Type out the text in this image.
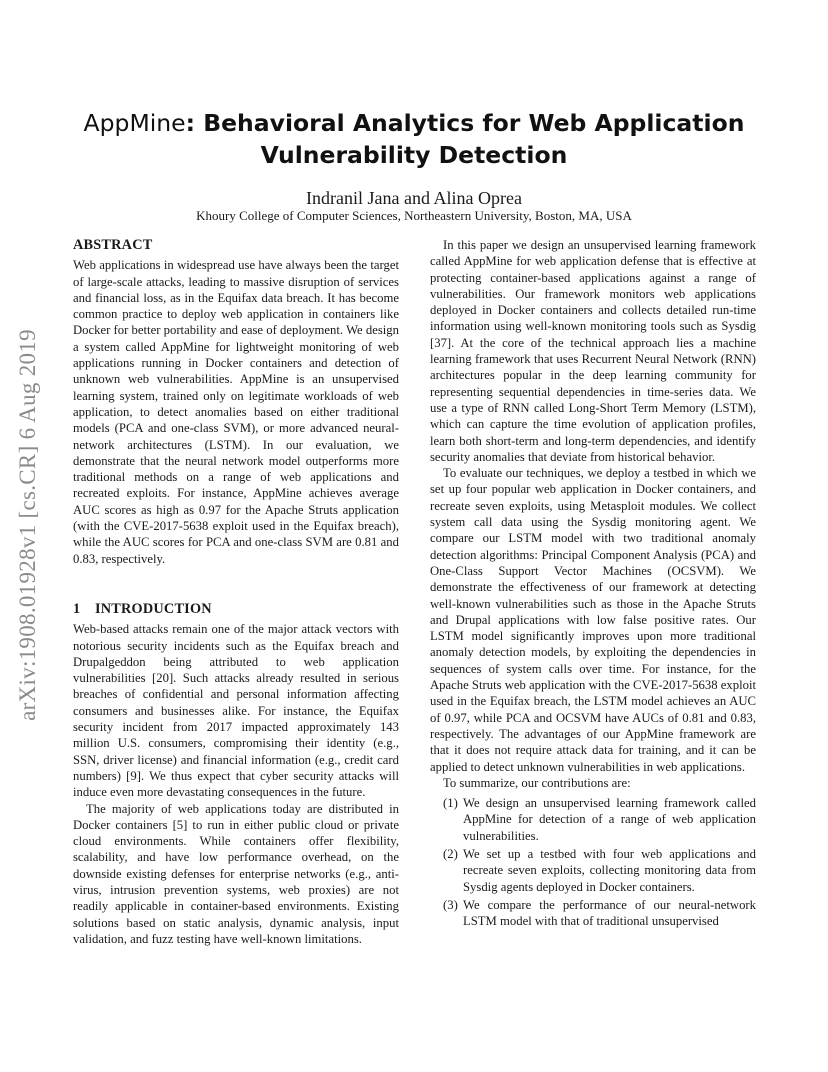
arXiv:1908.01928v1 [cs.CR] 6 Aug 2019
AppMine: Behavioral Analytics for Web Application
Vulnerability Detection
Indranil Jana and Alina Oprea
Khoury College of Computer Sciences, Northeastern University, Boston, MA, USA
ABSTRACT

Web applications in widespread use have always been the target of large-scale attacks, leading to massive disruption of services and financial loss, as in the Equifax data breach. It has become common practice to deploy web application in containers like Docker for better portability and ease of deployment. We design a system called AppMine for lightweight monitoring of web applications running in Docker containers and detection of unknown web vulnerabilities. AppMine is an unsupervised learning system, trained only on legitimate workloads of web application, to detect anomalies based on either traditional models (PCA and one-class SVM), or more advanced neural-network architectures (LSTM). In our evaluation, we demonstrate that the neural network model outperforms more traditional methods on a range of web applications and recreated exploits. For instance, AppMine achieves average AUC scores as high as 0.97 for the Apache Struts application (with the CVE-2017-5638 exploit used in the Equifax breach), while the AUC scores for PCA and one-class SVM are 0.81 and 0.83, respectively.

1 INTRODUCTION

Web-based attacks remain one of the major attack vectors with notorious security incidents such as the Equifax breach and Drupalgeddon being attributed to web application vulnerabilities [20]. Such attacks already resulted in serious breaches of confidential and personal information affecting consumers and businesses alike. For instance, the Equifax security incident from 2017 impacted approximately 143 million U.S. consumers, compromising their identity (e.g., SSN, driver license) and financial information (e.g., credit card numbers) [9]. We thus expect that cyber security attacks will induce even more devastating consequences in the future.

The majority of web applications today are distributed in Docker containers [5] to run in either public cloud or private cloud environments. While containers offer flexibility, scalability, and have low performance overhead, on the downside existing defenses for enterprise networks (e.g., anti-virus, intrusion prevention systems, web proxies) are not readily applicable in container-based environments. Existing solutions based on static analysis, dynamic analysis, input validation, and fuzz testing have well-known limitations.

In this paper we design an unsupervised learning framework called AppMine for web application defense that is effective at protecting container-based applications against a range of vulnerabilities. Our framework monitors web applications deployed in Docker containers and collects detailed run-time information using well-known monitoring tools such as Sysdig [37]. At the core of the technical approach lies a machine learning framework that uses Recurrent Neural Network (RNN) architectures popular in the deep learning community for representing sequential dependencies in time-series data. We use a type of RNN called Long-Short Term Memory (LSTM), which can capture the time evolution of application profiles, learn both short-term and long-term dependencies, and identify security anomalies that deviate from historical behavior.

To evaluate our techniques, we deploy a testbed in which we set up four popular web application in Docker containers, and recreate seven exploits, using Metasploit modules. We collect system call data using the Sysdig monitoring agent. We compare our LSTM model with two traditional anomaly detection algorithms: Principal Component Analysis (PCA) and One-Class Support Vector Machines (OCSVM). We demonstrate the effectiveness of our framework at detecting well-known vulnerabilities such as those in the Apache Struts and Drupal applications with low false positive rates. Our LSTM model significantly improves upon more traditional anomaly detection models, by exploiting the dependencies in sequences of system calls over time. For instance, for the Apache Struts web application with the CVE-2017-5638 exploit used in the Equifax breach, the LSTM model achieves an AUC of 0.97, while PCA and OCSVM have AUCs of 0.81 and 0.83, respectively. The advantages of our AppMine framework are that it does not require attack data for training, and it can be applied to detect unknown vulnerabilities in web applications.

To summarize, our contributions are:

(1) We design an unsupervised learning framework called AppMine for detection of a range of web application vulnerabilities.
(2) We set up a testbed with four web applications and recreate seven exploits, collecting monitoring data from Sysdig agents deployed in Docker containers.
(3) We compare the performance of our neural-network LSTM model with that of traditional unsupervised
